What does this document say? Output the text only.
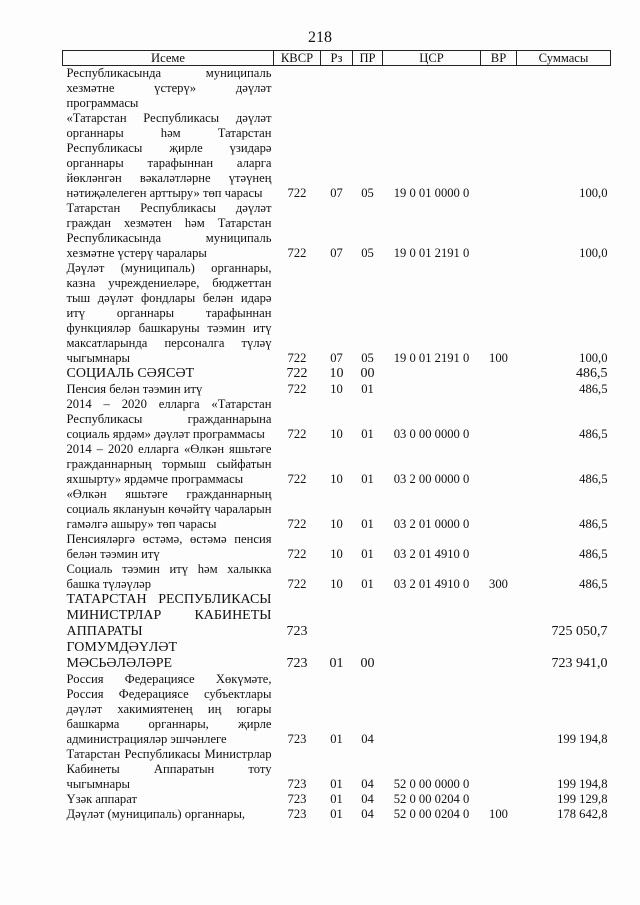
218
Исеме	КВСР	Рз	ПР	ЦСР	ВР	Суммасы
Республикасында муниципаль хезмәтне үстерү» дәүләт программасы						
«Татарстан Республикасы дәүләт органнары һәм Татарстан Республикасы җирле үзидарә органнары тарафыннан аларга йөкләнгән вәкаләтләрне үтәүнең нәтиҗәлелеген арттыру» төп чарасы	722	07	05	19 0 01 0000 0		100,0
Татарстан Республикасы дәүләт граждан хезмәтен һәм Татарстан Республикасында муниципаль хезмәтне үстерү чаралары	722	07	05	19 0 01 2191 0		100,0
Дәүләт (муниципаль) органнары, казна учреждениеләре, бюджеттан тыш дәүләт фондлары белән идарә итү органнары тарафыннан функцияләр башкаруны тәэмин итү максатларында персоналга түләү чыгымнары	722	07	05	19 0 01 2191 0	100	100,0
СОЦИАЛЬ СӘЯСӘТ	722	10	00			486,5
Пенсия белән тәэмин итү	722	10	01			486,5
2014 – 2020 елларга «Татарстан Республикасы гражданнарына социаль ярдәм» дәүләт программасы	722	10	01	03 0 00 0000 0		486,5
2014 – 2020 елларга «Өлкән яшьтәге гражданнарның тормыш сыйфатын яхшырту» ярдәмче программасы	722	10	01	03 2 00 0000 0		486,5
«Өлкән яшьтәге гражданнарның социаль яклануын көчәйтү чараларын гамәлгә ашыру» төп чарасы	722	10	01	03 2 01 0000 0		486,5
Пенсияләргә өстәмә, өстәмә пенсия белән тәэмин итү	722	10	01	03 2 01 4910 0		486,5
Социаль тәэмин итү һәм халыкка башка түләүләр	722	10	01	03 2 01 4910 0	300	486,5
ТАТАРСТАН РЕСПУБЛИКАСЫ МИНИСТРЛАР КАБИНЕТЫ АППАРАТЫ	723					725 050,7
ГОМУМДӘҮЛӘТ МӘСЬӘЛӘЛӘРЕ	723	01	00			723 941,0
Россия Федерациясе Хөкүмәте, Россия Федерациясе субъектлары дәүләт хакимиятенең иң югары башкарма органнары, җирле администрацияләр эшчәнлеге	723	01	04			199 194,8
Татарстан Республикасы Министрлар Кабинеты Аппаратын тоту чыгымнары	723	01	04	52 0 00 0000 0		199 194,8
Үзәк аппарат	723	01	04	52 0 00 0204 0		199 129,8
Дәүләт (муниципаль) органнары,	723	01	04	52 0 00 0204 0	100	178 642,8
